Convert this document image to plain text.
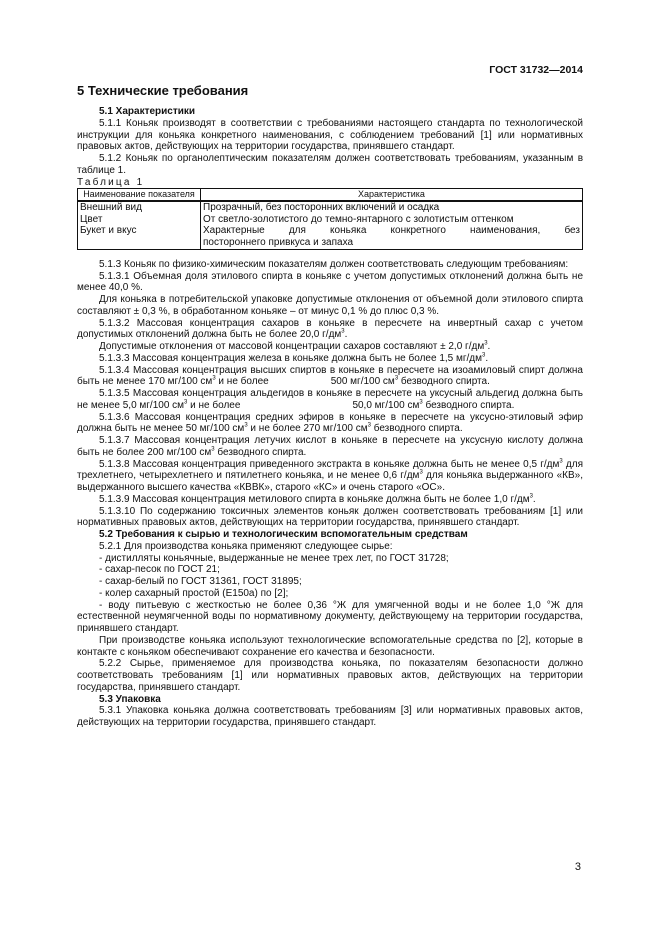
ГОСТ 31732—2014
5 Технические требования

5.1 Характеристики

5.1.1 Коньяк производят в соответствии с требованиями настоящего стандарта по технологической инструкции для коньяка конкретного наименования, с соблюдением требований [1] или нормативных правовых актов, действующих на территории государства, принявшего стандарт.

5.1.2 Коньяк по органолептическим показателям должен соответствовать требованиям, указанным в таблице 1.

Таблица 1

Наименование показателя	Характеристика
Внешний вид	Прозрачный, без посторонних включений и осадка
Цвет	От светло-золотистого до темно-янтарного с золотистым оттенком
Букет и вкус	Характерные для коньяка конкретного наименования, без
постороннего привкуса и запаха

5.1.3 Коньяк по физико-химическим показателям должен соответствовать следующим требованиям:

5.1.3.1 Объемная доля этилового спирта в коньяке с учетом допустимых отклонений должна быть не менее 40,0 %.

Для коньяка в потребительской упаковке допустимые отклонения от объемной доли этилового спирта составляют ± 0,3 %, в обработанном коньяке – от минус 0,1 % до плюс 0,3 %.

5.1.3.2 Массовая концентрация сахаров в коньяке в пересчете на инвертный сахар с учетом допустимых отклонений должна быть не более 20,0 $г/дм^3$.

Допустимые отклонения от массовой концентрации сахаров составляют ± 2,0 $г/дм^3$.

5.1.3.3 Массовая концентрация железа в коньяке должна быть не более 1,5 $мг/дм^3$.

5.1.3.4 Массовая концентрация высших спиртов в коньяке в пересчете на изоамиловый спирт должна быть не менее 170 мг/100 $см^3$ и не более	500 мг/100 $см^3$ безводного спирта.

5.1.3.5 Массовая концентрация альдегидов в коньяке в пересчете на уксусный альдегид должна быть не менее 5,0 мг/100 $см^3$ и не более	50,0 мг/100 $см^3$ безводного спирта.

5.1.3.6 Массовая концентрация средних эфиров в коньяке в пересчете на уксусно-этиловый эфир должна быть не менее 50 мг/100 $см^3$ и не более 270 мг/100 $см^3$ безводного спирта.

5.1.3.7 Массовая концентрация летучих кислот в коньяке в пересчете на уксусную кислоту должна быть не более 200 мг/100 $см^3$ безводного спирта.

5.1.3.8 Массовая концентрация приведенного экстракта в коньяке должна быть не менее 0,5 $г/дм^3$ для трехлетнего, четырехлетнего и пятилетнего коньяка, и не менее 0,6 $г/дм^3$ для коньяка выдержанного «КВ», выдержанного высшего качества «КВВК», старого «КС» и очень старого «ОС».

5.1.3.9 Массовая концентрация метилового спирта в коньяке должна быть не более 1,0 $г/дм^3$.

5.1.3.10 По содержанию токсичных элементов коньяк должен соответствовать требованиям [1] или нормативных правовых актов, действующих на территории государства, принявшего стандарт.

5.2 Требования к сырью и технологическим вспомогательным средствам

5.2.1 Для производства коньяка применяют следующее сырье:

- дистилляты коньячные, выдержанные не менее трех лет, по ГОСТ 31728;

- сахар-песок по ГОСТ 21;

- сахар-белый по ГОСТ 31361, ГОСТ 31895;

- колер сахарный простой (Е150а) по [2];

- воду питьевую с жесткостью не более 0,36 °Ж для умягченной воды и не более 1,0 °Ж для естественной неумягченной воды по нормативному документу, действующему на территории государства, принявшего стандарт.

При производстве коньяка используют технологические вспомогательные средства по [2], которые в контакте с коньяком обеспечивают сохранение его качества и безопасности.

5.2.2 Сырье, применяемое для производства коньяка, по показателям безопасности должно соответствовать требованиям [1] или нормативных правовых актов, действующих на территории государства, принявшего стандарт.

5.3 Упаковка

5.3.1 Упаковка коньяка должна соответствовать требованиям [3] или нормативных правовых актов, действующих на территории государства, принявшего стандарт.

3
